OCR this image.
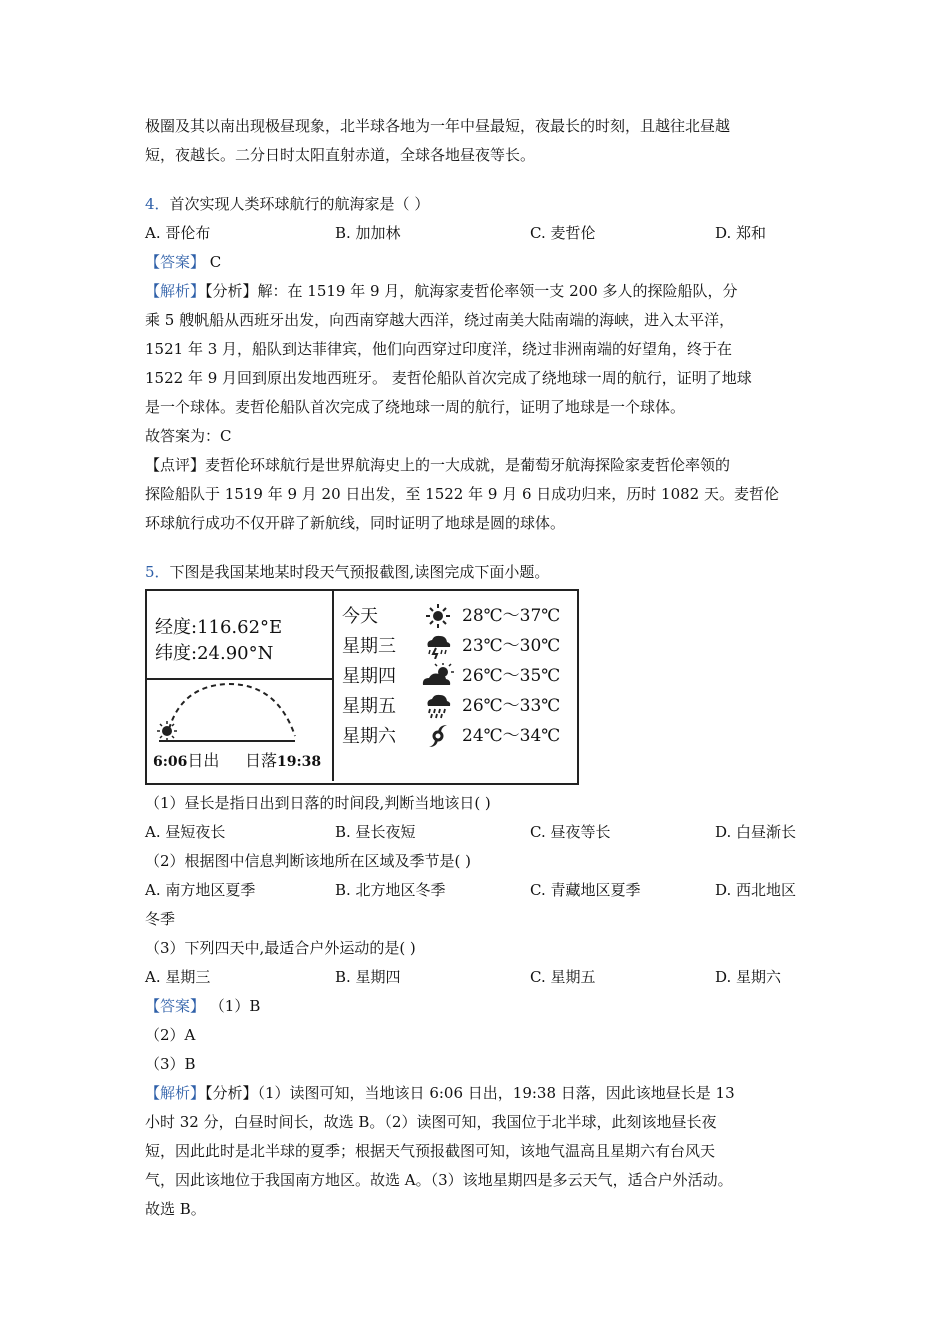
极圈及其以南出现极昼现象，北半球各地为一年中昼最短，夜最长的时刻，且越往北昼越

短，夜越长。二分日时太阳直射赤道，全球各地昼夜等长。

4．首次实现人类环球航行的航海家是（ ）

A. 哥伦布	B. 加加林	C. 麦哲伦	D. 郑和

【答案】 C

【解析】【分析】解：在 1519 年 9 月，航海家麦哲伦率领一支 200 多人的探险船队，分

乘 5 艘帆船从西班牙出发，向西南穿越大西洋，绕过南美大陆南端的海峡，进入太平洋，

1521 年 3 月，船队到达菲律宾，他们向西穿过印度洋，绕过非洲南端的好望角，终于在

1522 年 9 月回到原出发地西班牙。 麦哲伦船队首次完成了绕地球一周的航行，证明了地球

是一个球体。麦哲伦船队首次完成了绕地球一周的航行，证明了地球是一个球体。

故答案为：C

【点评】麦哲伦环球航行是世界航海史上的一大成就，是葡萄牙航海探险家麦哲伦率领的

探险船队于 1519 年 9 月 20 日出发，至 1522 年 9 月 6 日成功归来，历时 1082 天。麦哲伦

环球航行成功不仅开辟了新航线，同时证明了地球是圆的球体。

5．下图是我国某地某时段天气预报截图,读图完成下面小题。

经度:116.62°E
纬度:24.90°N
6:06日出 日落19:38
今天	28℃～37℃
星期三	23℃～30℃
星期四	26℃～35℃
星期五	26℃～33℃
星期六	24℃～34℃

（1）昼长是指日出到日落的时间段,判断当地该日( )

A. 昼短夜长	B. 昼长夜短	C. 昼夜等长	D. 白昼渐长

（2）根据图中信息判断该地所在区域及季节是( )

A. 南方地区夏季	B. 北方地区冬季	C. 青藏地区夏季	D. 西北地区

冬季

（3）下列四天中,最适合户外运动的是( )

A. 星期三	B. 星期四	C. 星期五	D. 星期六

【答案】 （1）B

（2）A

（3）B

【解析】【分析】（1）读图可知，当地该日 6:06 日出，19:38 日落，因此该地昼长是 13

小时 32 分，白昼时间长，故选 B。（2）读图可知，我国位于北半球，此刻该地昼长夜

短，因此此时是北半球的夏季；根据天气预报截图可知，该地气温高且星期六有台风天

气，因此该地位于我国南方地区。故选 A。（3）该地星期四是多云天气，适合户外活动。

故选 B。
